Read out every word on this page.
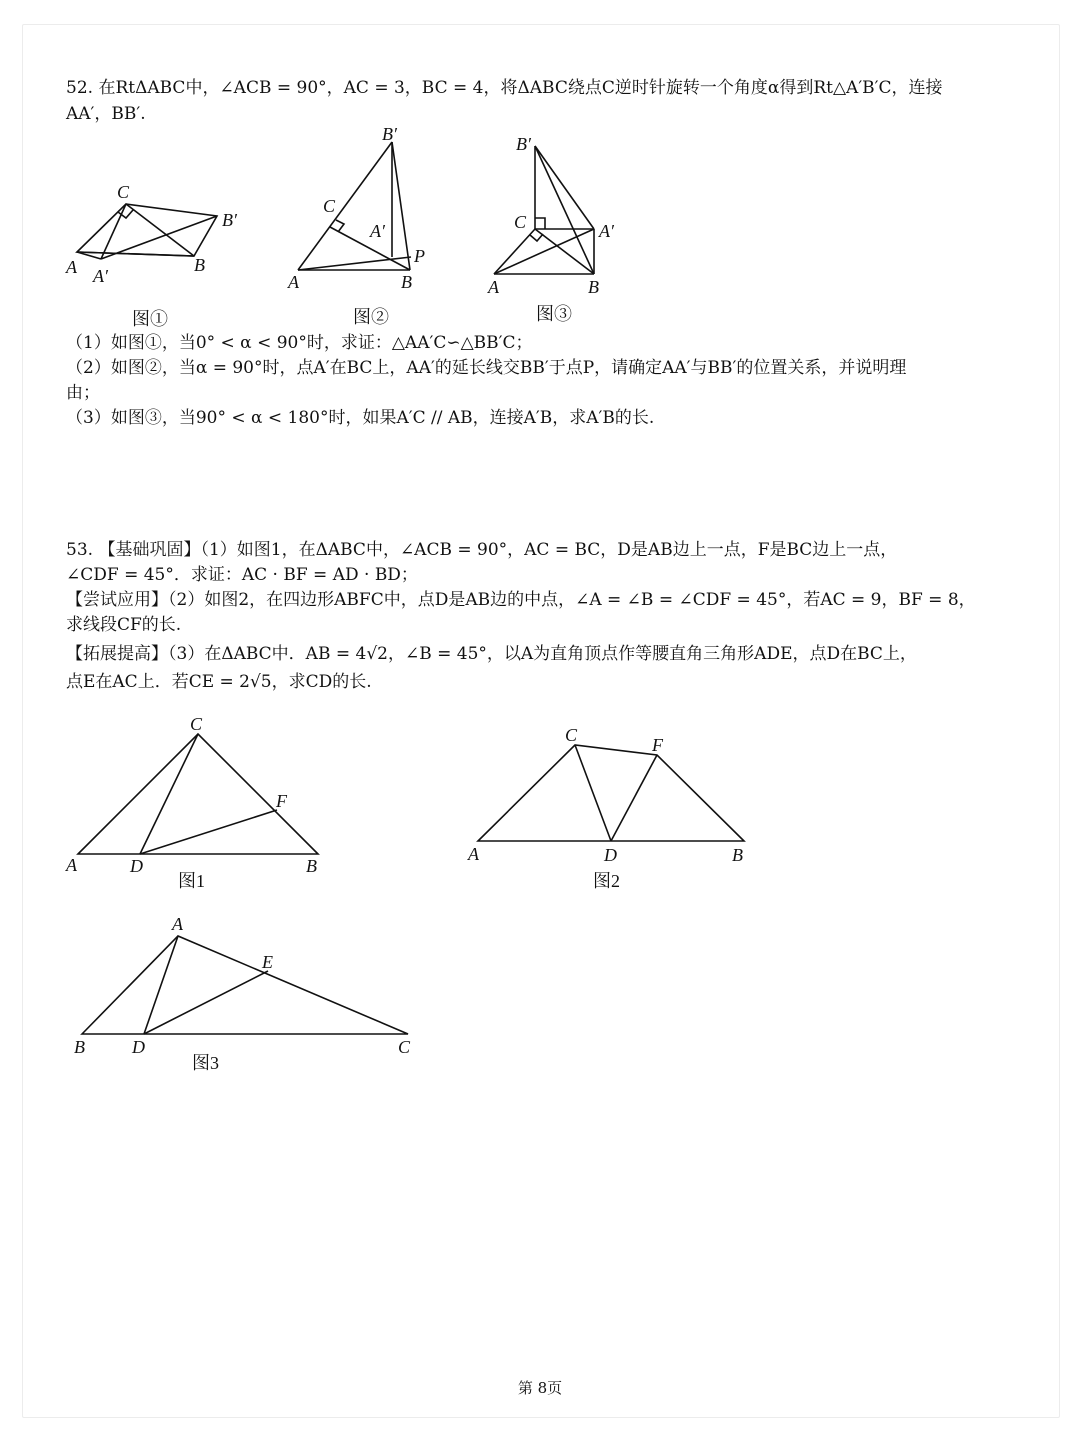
52. 在RtΔABC中，∠ACB = 90°，AC = 3，BC = 4，将ΔABC绕点C逆时针旋转一个角度α得到Rt△A′B′C，连接
AA′，BB′.
C
B′
A A′
B
图①
B′
C
A′
P
A	B
图②
B′
C	A′
A	B
图③
（1）如图①，当0° < α < 90°时，求证：△AA′C∽△BB′C；
（2）如图②，当α = 90°时，点A′在BC上，AA′的延长线交BB′于点P，请确定AA′与BB′的位置关系，并说明理
由；
（3）如图③，当90° < α < 180°时，如果A′C // AB，连接A′B，求A′B的长.
53. 【基础巩固】（1）如图1，在ΔABC中，∠ACB = 90°，AC = BC，D是AB边上一点，F是BC边上一点，
∠CDF = 45°．求证：AC · BF = AD · BD；
【尝试应用】（2）如图2，在四边形ABFC中，点D是AB边的中点，∠A = ∠B = ∠CDF = 45°，若AC = 9，BF = 8，
求线段CF的长.
【拓展提高】（3）在ΔABC中．AB = 4√2，∠B = 45°，以A为直角顶点作等腰直角三角形ADE，点D在BC上，
点E在AC上．若CE = 2√5，求CD的长.
C
F
A	D	B
图1
C	F
A	D	B
图2
A
E
B	D	C
图3
第 8页
